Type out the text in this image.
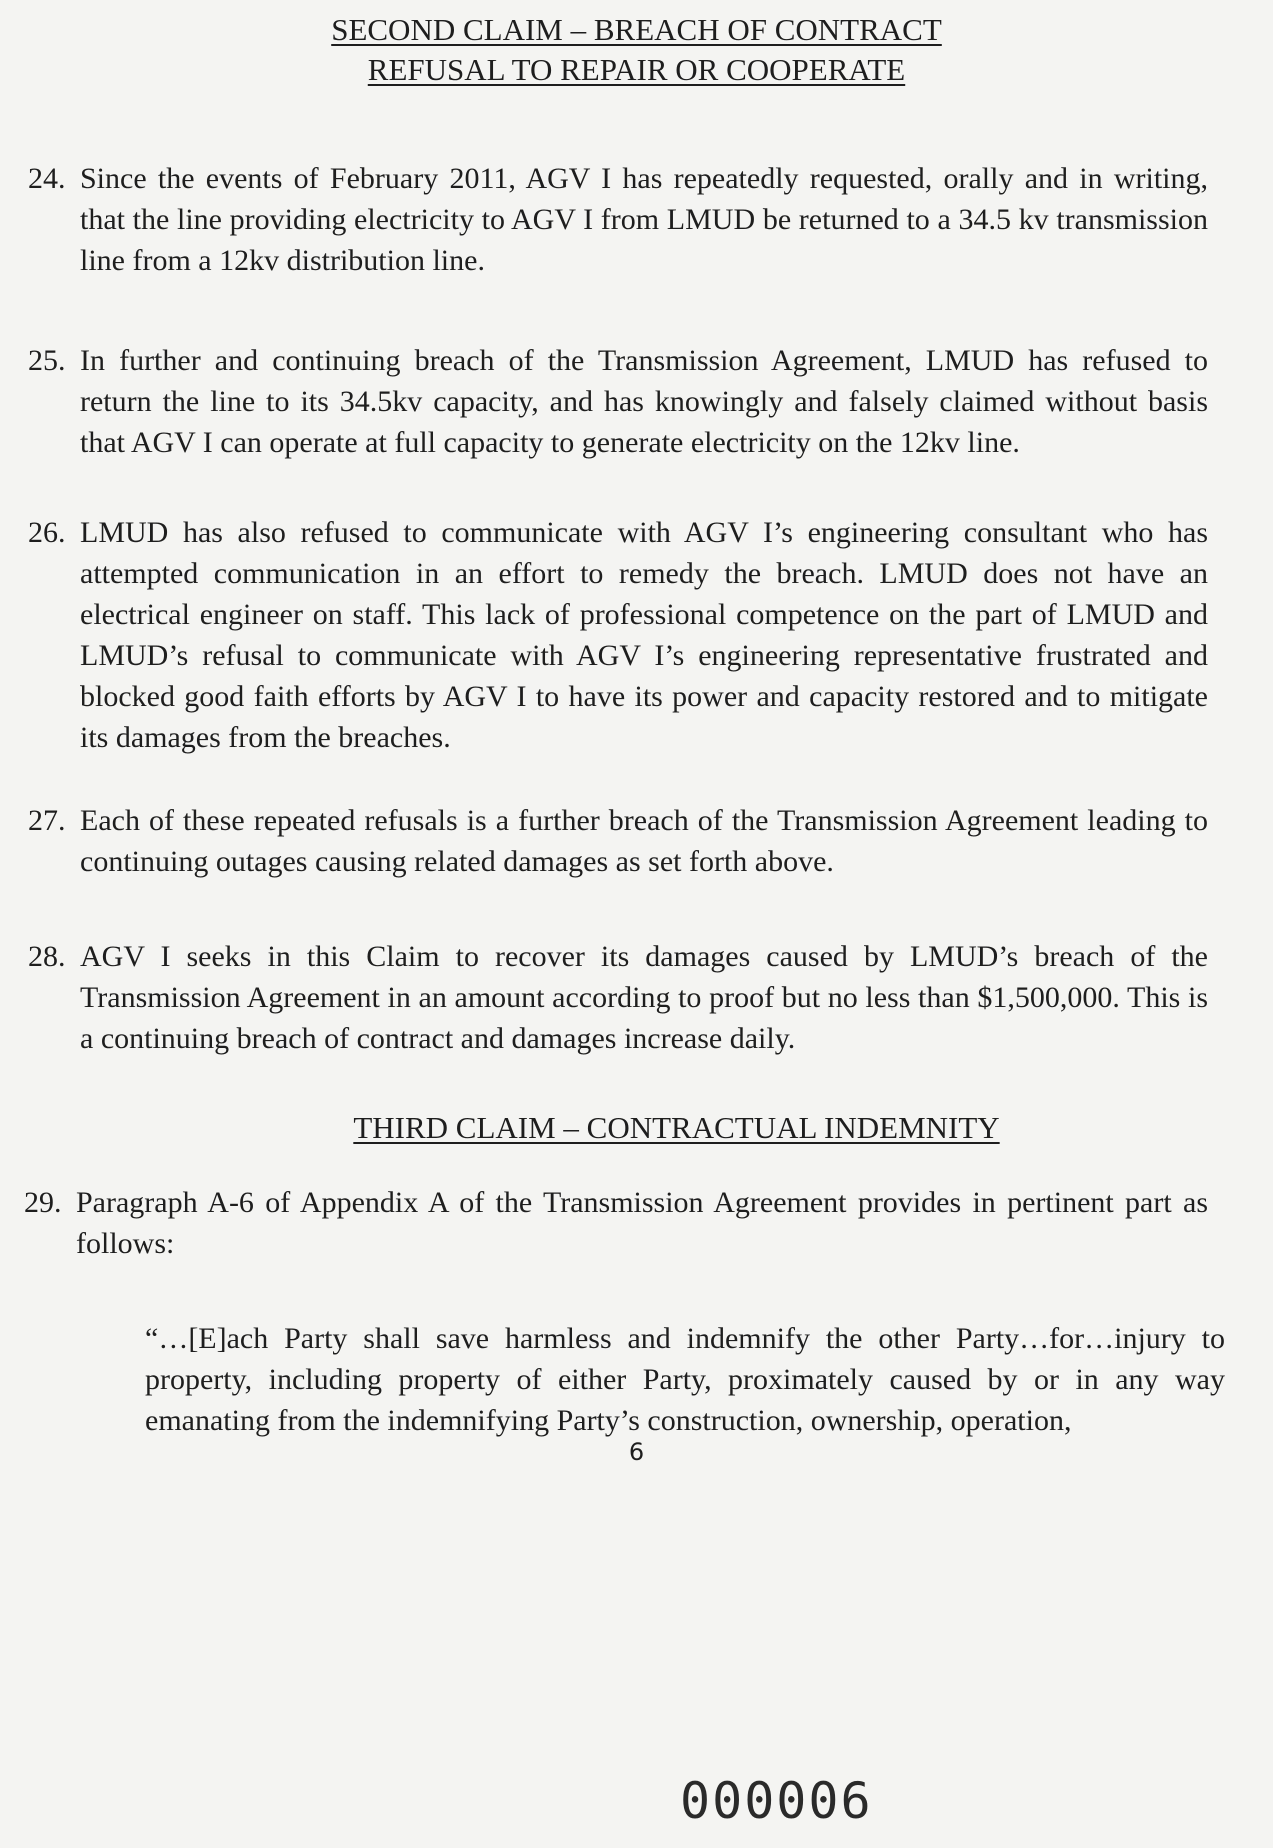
SECOND CLAIM – BREACH OF CONTRACT
REFUSAL TO REPAIR OR COOPERATE
24. Since the events of February 2011, AGV I has repeatedly requested, orally and in writing, that the line providing electricity to AGV I from LMUD be returned to a 34.5 kv transmission line from a 12kv distribution line.
25. In further and continuing breach of the Transmission Agreement, LMUD has refused to return the line to its 34.5kv capacity, and has knowingly and falsely claimed without basis that AGV I can operate at full capacity to generate electricity on the 12kv line.
26. LMUD has also refused to communicate with AGV I’s engineering consultant who has attempted communication in an effort to remedy the breach. LMUD does not have an electrical engineer on staff. This lack of professional competence on the part of LMUD and LMUD’s refusal to communicate with AGV I’s engineering representative frustrated and blocked good faith efforts by AGV I to have its power and capacity restored and to mitigate its damages from the breaches.
27. Each of these repeated refusals is a further breach of the Transmission Agreement leading to continuing outages causing related damages as set forth above.
28. AGV I seeks in this Claim to recover its damages caused by LMUD’s breach of the Transmission Agreement in an amount according to proof but no less than $1,500,000. This is a continuing breach of contract and damages increase daily.
THIRD CLAIM – CONTRACTUAL INDEMNITY
29. Paragraph A-6 of Appendix A of the Transmission Agreement provides in pertinent part as follows:
“…[E]ach Party shall save harmless and indemnify the other Party…for…injury to property, including property of either Party, proximately caused by or in any way emanating from the indemnifying Party’s construction, ownership, operation,
6
000006
